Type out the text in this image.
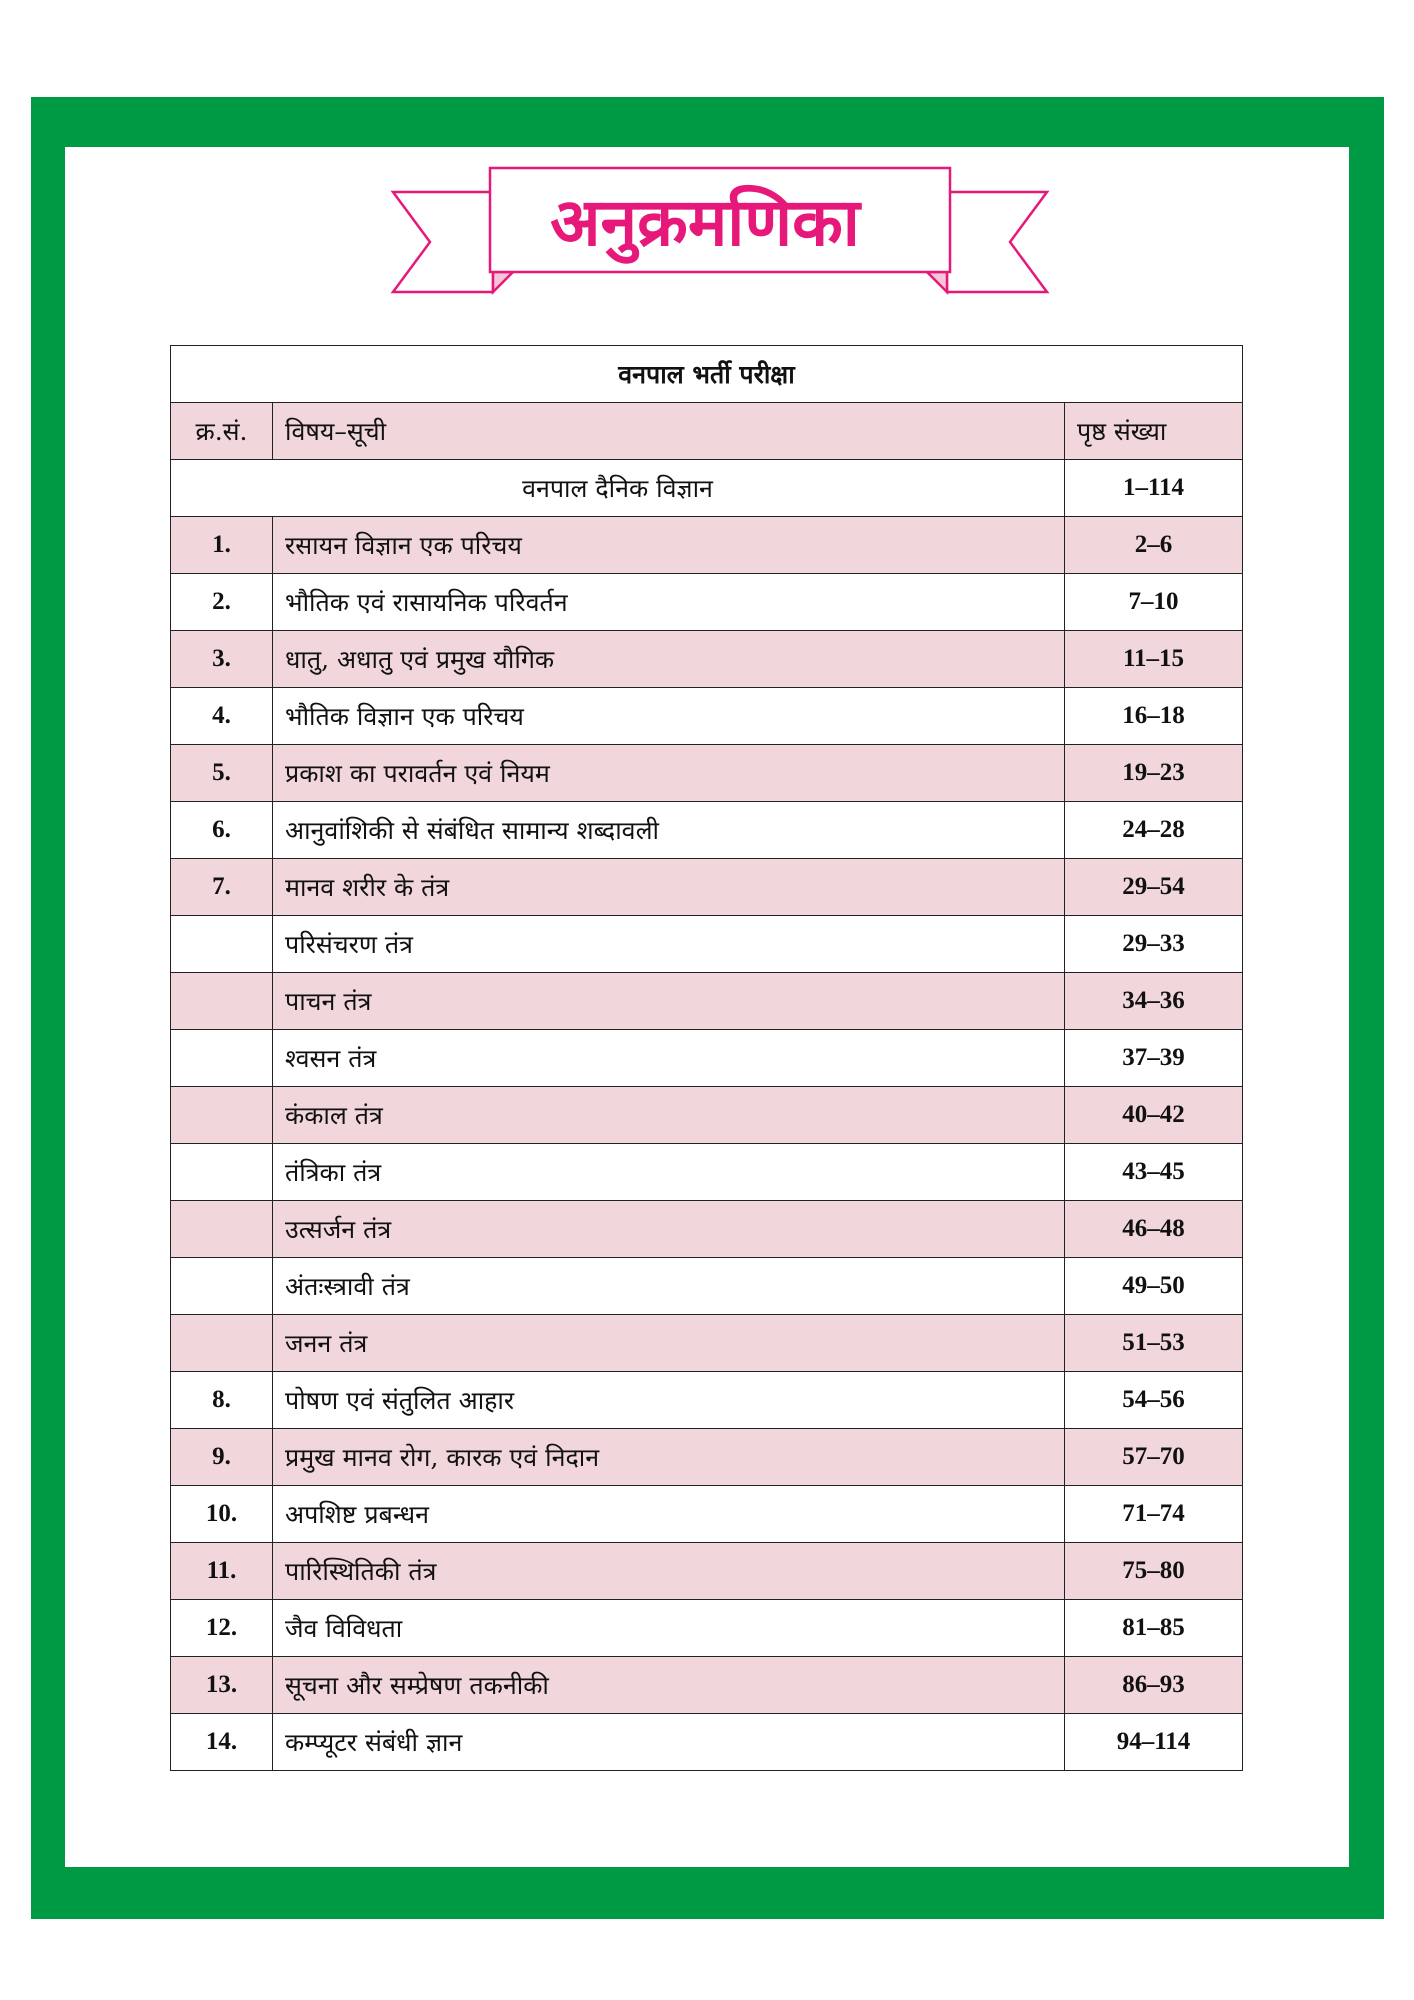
अनुक्रमणिका
वनपाल भर्ती परीक्षा		
क्र.सं.	विषय–सूची	पृष्ठ संख्या
वनपाल दैनिक विज्ञान		1–114
1.	रसायन विज्ञान एक परिचय	2–6
2.	भौतिक एवं रासायनिक परिवर्तन	7–10
3.	धातु, अधातु एवं प्रमुख यौगिक	11–15
4.	भौतिक विज्ञान एक परिचय	16–18
5.	प्रकाश का परावर्तन एवं नियम	19–23
6.	आनुवांशिकी से संबंधित सामान्य शब्दावली	24–28
7.	मानव शरीर के तंत्र	29–54
	परिसंचरण तंत्र	29–33
	पाचन तंत्र	34–36
	श्वसन तंत्र	37–39
	कंकाल तंत्र	40–42
	तंत्रिका तंत्र	43–45
	उत्सर्जन तंत्र	46–48
	अंतःस्त्रावी तंत्र	49–50
	जनन तंत्र	51–53
8.	पोषण एवं संतुलित आहार	54–56
9.	प्रमुख मानव रोग, कारक एवं निदान	57–70
10.	अपशिष्ट प्रबन्धन	71–74
11.	पारिस्थितिकी तंत्र	75–80
12.	जैव विविधता	81–85
13.	सूचना और सम्प्रेषण तकनीकी	86–93
14.	कम्प्यूटर संबंधी ज्ञान	94–114
